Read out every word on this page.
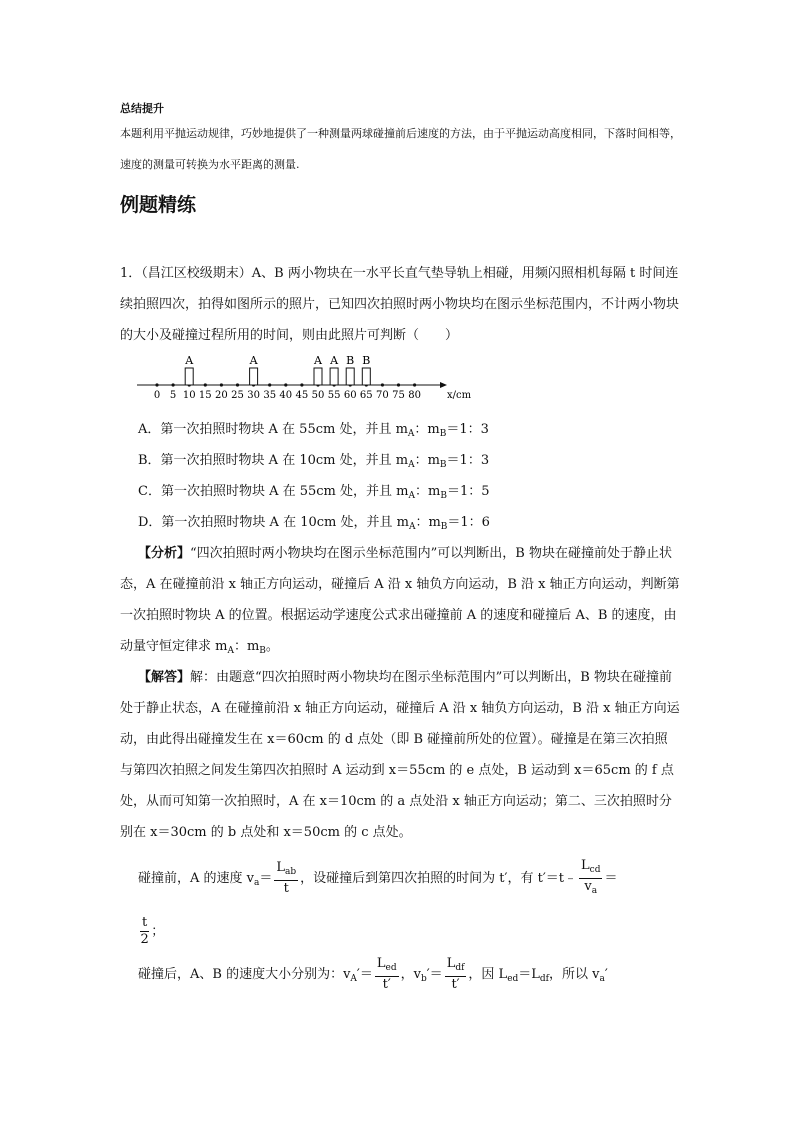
总结提升
本题利用平抛运动规律，巧妙地提供了一种测量两球碰撞前后速度的方法，由于平抛运动高度相同，下落时间相等，速度的测量可转换为水平距离的测量.
例题精练
1．（昌江区校级期末）A、B 两小物块在一水平长直气垫导轨上相碰，用频闪照相机每隔 t 时间连续拍照四次，拍得如图所示的照片，已知四次拍照时两小物块均在图示坐标范围内，不计两小物块的大小及碰撞过程所用的时间，则由此照片可判断（　　）
0 5 10 15 20 25 30 35 40 45 50 55 60 65 70 75 80
A	A	A A B B
x/cm
A．第一次拍照时物块 A 在 55cm 处，并且 $m_A$：$m_B=1$：3
B．第一次拍照时物块 A 在 10cm 处，并且 $m_A$：$m_B=1$：3
C．第一次拍照时物块 A 在 55cm 处，并且 $m_A$：$m_B=1$：5
D．第一次拍照时物块 A 在 10cm 处，并且 $m_A$：$m_B=1$：6
【分析】“四次拍照时两小物块均在图示坐标范围内”可以判断出，B 物块在碰撞前处于静止状态，A 在碰撞前沿 x 轴正方向运动，碰撞后 A 沿 x 轴负方向运动，B 沿 x 轴正方向运动，判断第一次拍照时物块 A 的位置。根据运动学速度公式求出碰撞前 A 的速度和碰撞后 A、B 的速度，由动量守恒定律求 $m_A$：$m_B$。
【解答】解：由题意“四次拍照时两小物块均在图示坐标范围内”可以判断出，B 物块在碰撞前处于静止状态，A 在碰撞前沿 x 轴正方向运动，碰撞后 A 沿 x 轴负方向运动，B 沿 x 轴正方向运动，由此得出碰撞发生在 x＝60cm 的 d 点处（即 B 碰撞前所处的位置）。碰撞是在第三次拍照与第四次拍照之间发生第四次拍照时 A 运动到 x＝55cm 的 e 点处，B 运动到 x＝65cm 的 f 点处，从而可知第一次拍照时，A 在 x＝10cm 的 a 点处沿 x 轴正方向运动；第二、三次拍照时分别在 x＝30cm 的 b 点处和 x＝50cm 的 c 点处。
碰撞前，A 的速度 $v_a= \frac{L_{ab}}{t}$ ，设碰撞后到第四次拍照的时间为 t′，有 t′＝t﹣ $\frac{L_{cd}}{v_a}$ ＝
$\frac{t}{2}$ ；
碰撞后，A、B 的速度大小分别为：$v_A'= \frac{L_{ed}}{t'}$ ，$v_b'= \frac{L_{df}}{t'}$ ，因 $L_{ed}=L_{df}$，所以 $v_a'$
